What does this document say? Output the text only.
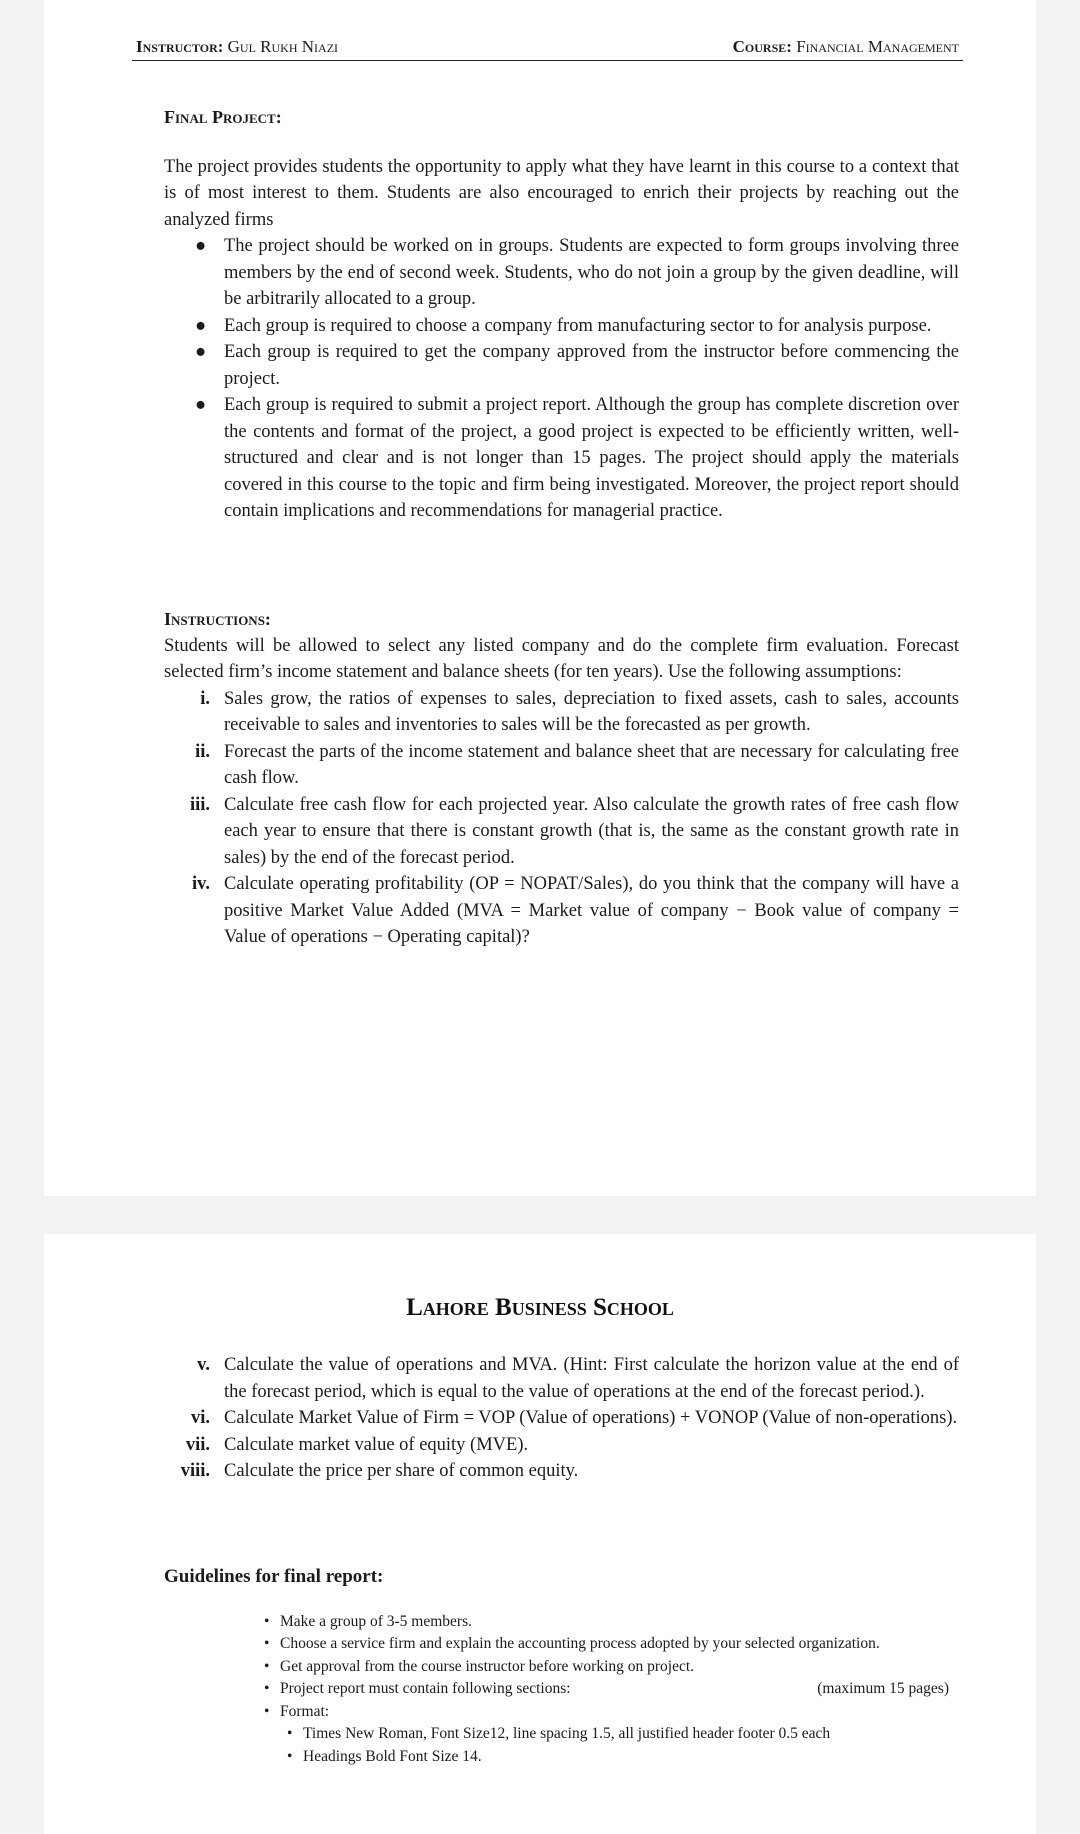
Instructor: Gul Rukh Niazi	Course: Financial Management
Final Project:
The project provides students the opportunity to apply what they have learnt in this course to a context that is of most interest to them. Students are also encouraged to enrich their projects by reaching out the analyzed firms
● The project should be worked on in groups. Students are expected to form groups involving three members by the end of second week. Students, who do not join a group by the given deadline, will be arbitrarily allocated to a group.
● Each group is required to choose a company from manufacturing sector to for analysis purpose.
● Each group is required to get the company approved from the instructor before commencing the project.
● Each group is required to submit a project report. Although the group has complete discretion over the contents and format of the project, a good project is expected to be efficiently written, well-structured and clear and is not longer than 15 pages. The project should apply the materials covered in this course to the topic and firm being investigated. Moreover, the project report should contain implications and recommendations for managerial practice.
Instructions:
Students will be allowed to select any listed company and do the complete firm evaluation. Forecast selected firm’s income statement and balance sheets (for ten years). Use the following assumptions:
i. Sales grow, the ratios of expenses to sales, depreciation to fixed assets, cash to sales, accounts receivable to sales and inventories to sales will be the forecasted as per growth.
ii. Forecast the parts of the income statement and balance sheet that are necessary for calculating free cash flow.
iii. Calculate free cash flow for each projected year. Also calculate the growth rates of free cash flow each year to ensure that there is constant growth (that is, the same as the constant growth rate in sales) by the end of the forecast period.
iv. Calculate operating profitability (OP = NOPAT/Sales), do you think that the company will have a positive Market Value Added (MVA = Market value of company − Book value of company = Value of operations − Operating capital)?
Lahore Business School
v. Calculate the value of operations and MVA. (Hint: First calculate the horizon value at the end of the forecast period, which is equal to the value of operations at the end of the forecast period.).
vi. Calculate Market Value of Firm = VOP (Value of operations) + VONOP (Value of non-operations).
vii. Calculate market value of equity (MVE).
viii. Calculate the price per share of common equity.
Guidelines for final report:
• Make a group of 3-5 members.
• Choose a service firm and explain the accounting process adopted by your selected organization.
• Get approval from the course instructor before working on project.
• Project report must contain following sections:	(maximum 15 pages)
• Format:
• Times New Roman, Font Size12, line spacing 1.5, all justified header footer 0.5 each
• Headings Bold Font Size 14.
